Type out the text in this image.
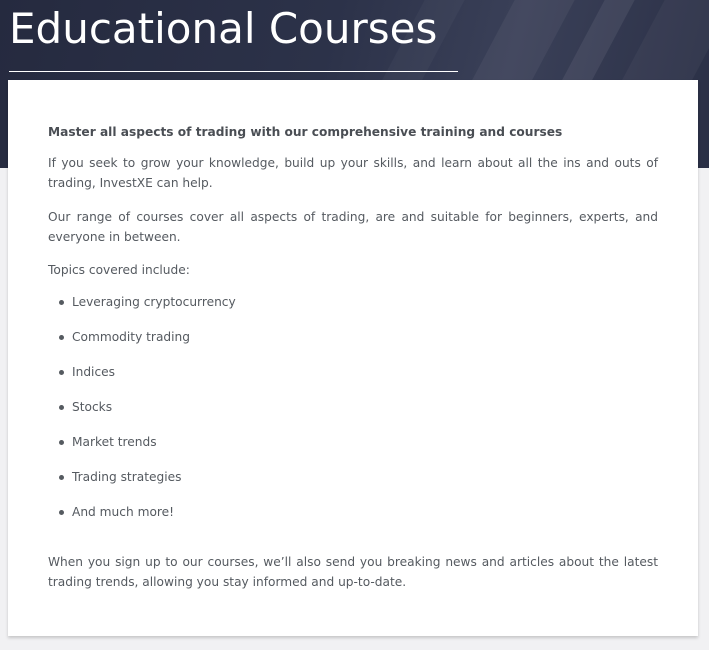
Educational Courses

Master all aspects of trading with our comprehensive training and courses

If you seek to grow your knowledge, build up your skills, and learn about all the ins and outs of trading, InvestXE can help.

Our range of courses cover all aspects of trading, are and suitable for beginners, experts, and everyone in between.

Topics covered include:

Leveraging cryptocurrency
Commodity trading
Indices
Stocks
Market trends
Trading strategies
And much more!

When you sign up to our courses, we’ll also send you breaking news and articles about the latest trading trends, allowing you stay informed and up-to-date.
